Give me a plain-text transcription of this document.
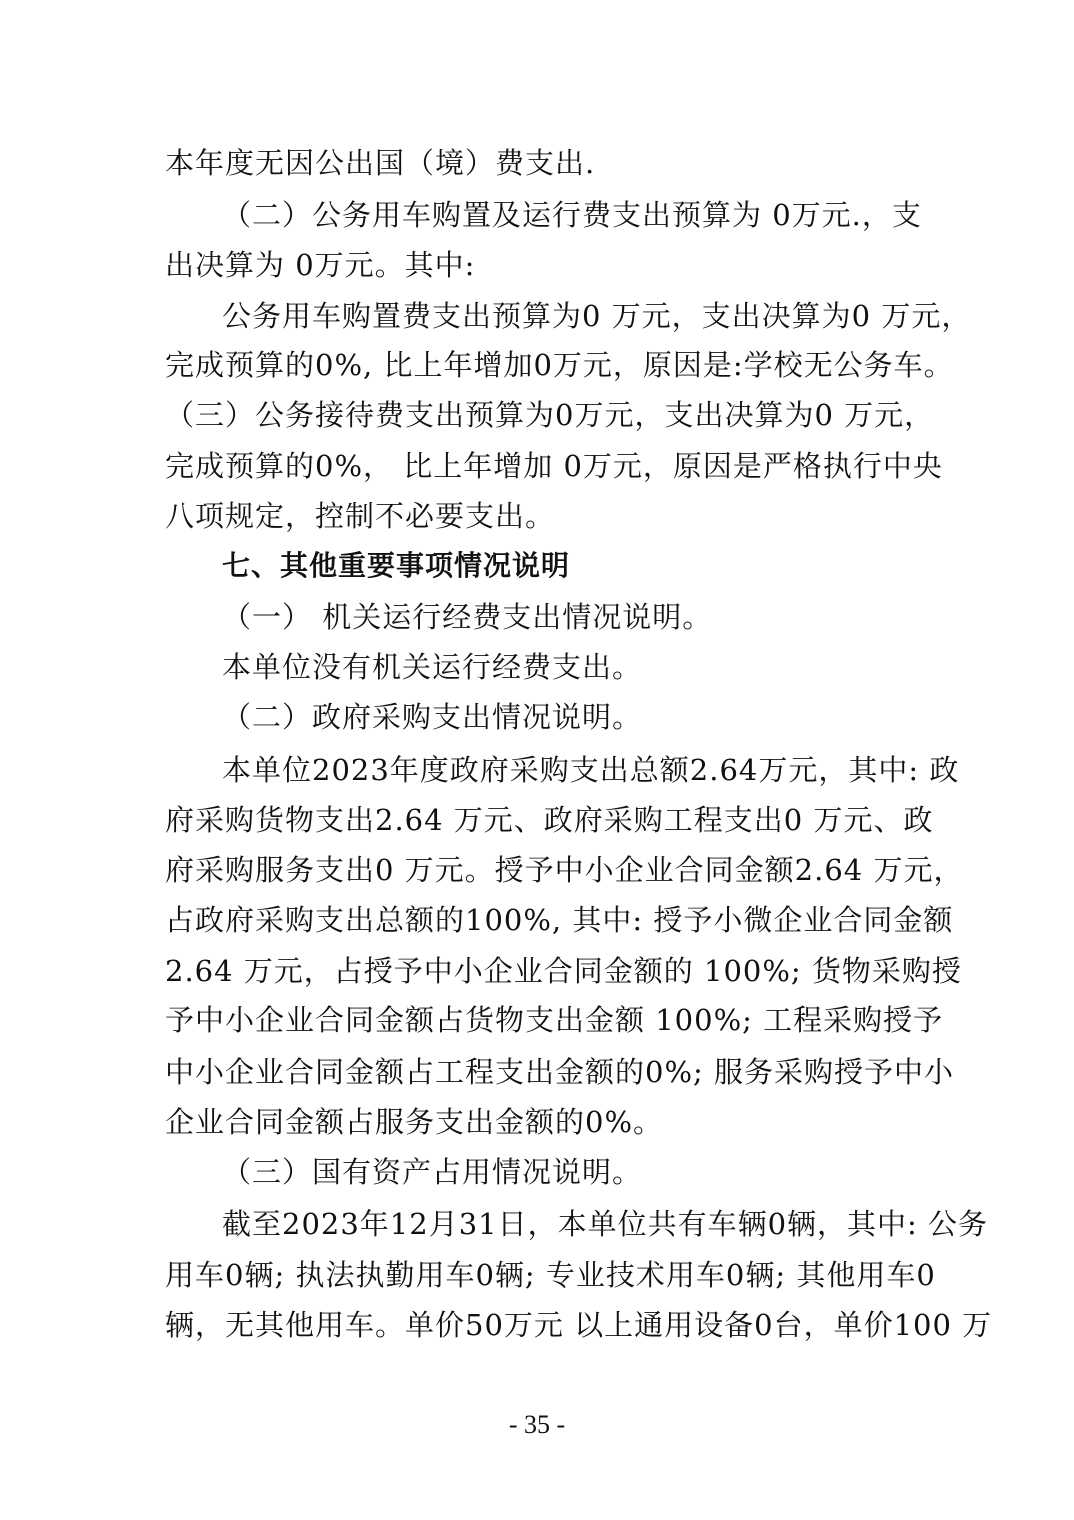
本年度无因公出国（境）费支出.
（二）公务用车购置及运行费支出预算为 0万元.，支
出决算为 0万元。其中:
公务用车购置费支出预算为0 万元，支出决算为0 万元，
完成预算的0%, 比上年增加0万元，原因是:学校无公务车。
（三）公务接待费支出预算为0万元，支出决算为0 万元，
完成预算的0%， 比上年增加 0万元，原因是严格执行中央
八项规定，控制不必要支出。
七、其他重要事项情况说明
（一） 机关运行经费支出情况说明。
本单位没有机关运行经费支出。
（二）政府采购支出情况说明。
本单位2023年度政府采购支出总额2.64万元，其中: 政
府采购货物支出2.64 万元、政府采购工程支出0 万元、政
府采购服务支出0 万元。授予中小企业合同金额2.64 万元，
占政府采购支出总额的100%, 其中: 授予小微企业合同金额
2.64 万元，占授予中小企业合同金额的 100%; 货物采购授
予中小企业合同金额占货物支出金额 100%; 工程采购授予
中小企业合同金额占工程支出金额的0%; 服务采购授予中小
企业合同金额占服务支出金额的0%。
（三）国有资产占用情况说明。
截至2023年12月31日，本单位共有车辆0辆，其中: 公务
用车0辆; 执法执勤用车0辆; 专业技术用车0辆; 其他用车0
辆，无其他用车。单价50万元 以上通用设备0台，单价100 万
- 35 -
